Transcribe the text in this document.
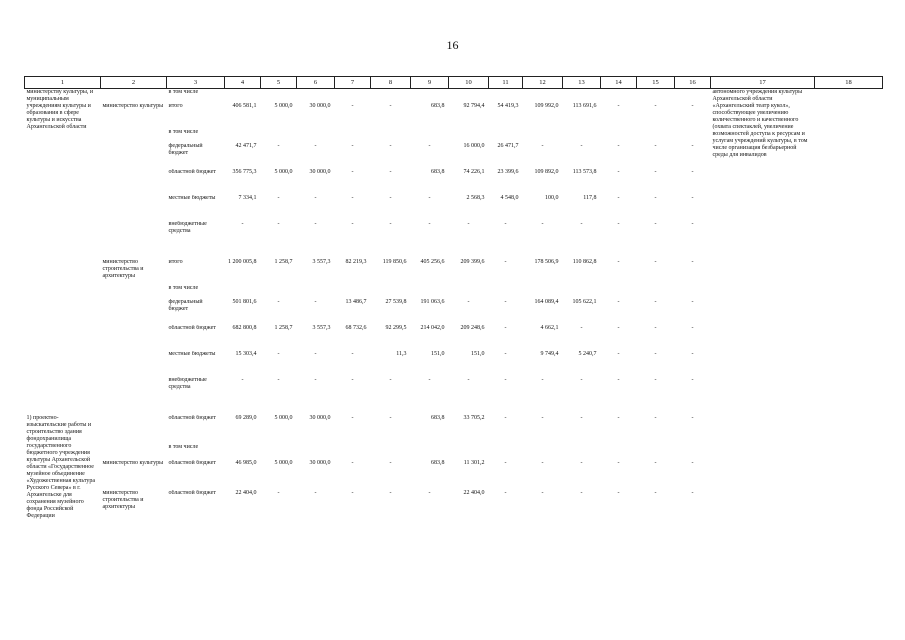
16
1	2	3	4	5	6	7	8	9	10	11	12	13	14	15	16	17	18
министерству культуры, и муниципальным учреждениям культуры и образования в сфере культуры и искусства Архангельской области		в том числе														автономного учреждения культуры Архангельской области «Архангельский театр кукол», способствующее увеличению количественного и качественного (охвата спектаклей, увеличение возможностей доступа к ресурсам и услугам учреждений культуры, в том числе организация безбарьерной среды для инвалидов	
	министерство культуры	итого	406 581,1	5 000,0	30 000,0	-	-	683,8	92 794,4	54 419,3	109 992,0	113 691,6	-	-	-		
		в том числе															
		федеральный бюджет	42 471,7	-	-	-	-	-	16 000,0	26 471,7	-	-	-	-	-		
		областной бюджет	356 775,3	5 000,0	30 000,0	-	-	683,8	74 226,1	23 399,6	109 892,0	113 573,8	-	-	-		
		местные бюджеты	7 334,1	-	-	-	-	-	2 568,3	4 548,0	100,0	117,8	-	-	-		
		внебюджетные средства	-	-	-	-	-	-	-	-	-	-	-	-	-		

	министерство строительства и архитектуры	итого	1 200 005,8	1 258,7	3 557,3	82 219,3	119 850,6	405 256,6	209 399,6	-	178 506,9	110 862,8	-	-	-		
		в том числе															
		федеральный бюджет	501 801,6	-	-	13 486,7	27 539,8	191 063,6	-	-	164 089,4	105 622,1	-	-	-		
		областной бюджет	682 800,8	1 258,7	3 557,3	68 732,6	92 299,5	214 042,0	209 248,6	-	4 662,1	-	-	-	-		
		местные бюджеты	15 303,4	-	-	-	11,3	151,0	151,0	-	9 749,4	5 240,7	-	-	-		
		внебюджетные средства	-	-	-	-	-	-	-	-	-	-	-	-	-		

1) проектно-изыскательские работы и строительство здания фондохранилища государственного бюджетного учреждения культуры Архангельской области «Государственное музейное объединение «Художественная культура Русского Севера» в г. Архангельске для сохранения музейного фонда Российской Федерации		областной бюджет	69 289,0	5 000,0	30 000,0	-	-	683,8	33 705,2	-	-	-	-	-	-		
		в том числе															
	министерство культуры	областной бюджет	46 985,0	5 000,0	30 000,0	-	-	683,8	11 301,2	-	-	-	-	-	-		
	министерство строительства и архитектуры	областной бюджет	22 404,0	-	-	-	-	-	22 404,0	-	-	-	-	-	-		
